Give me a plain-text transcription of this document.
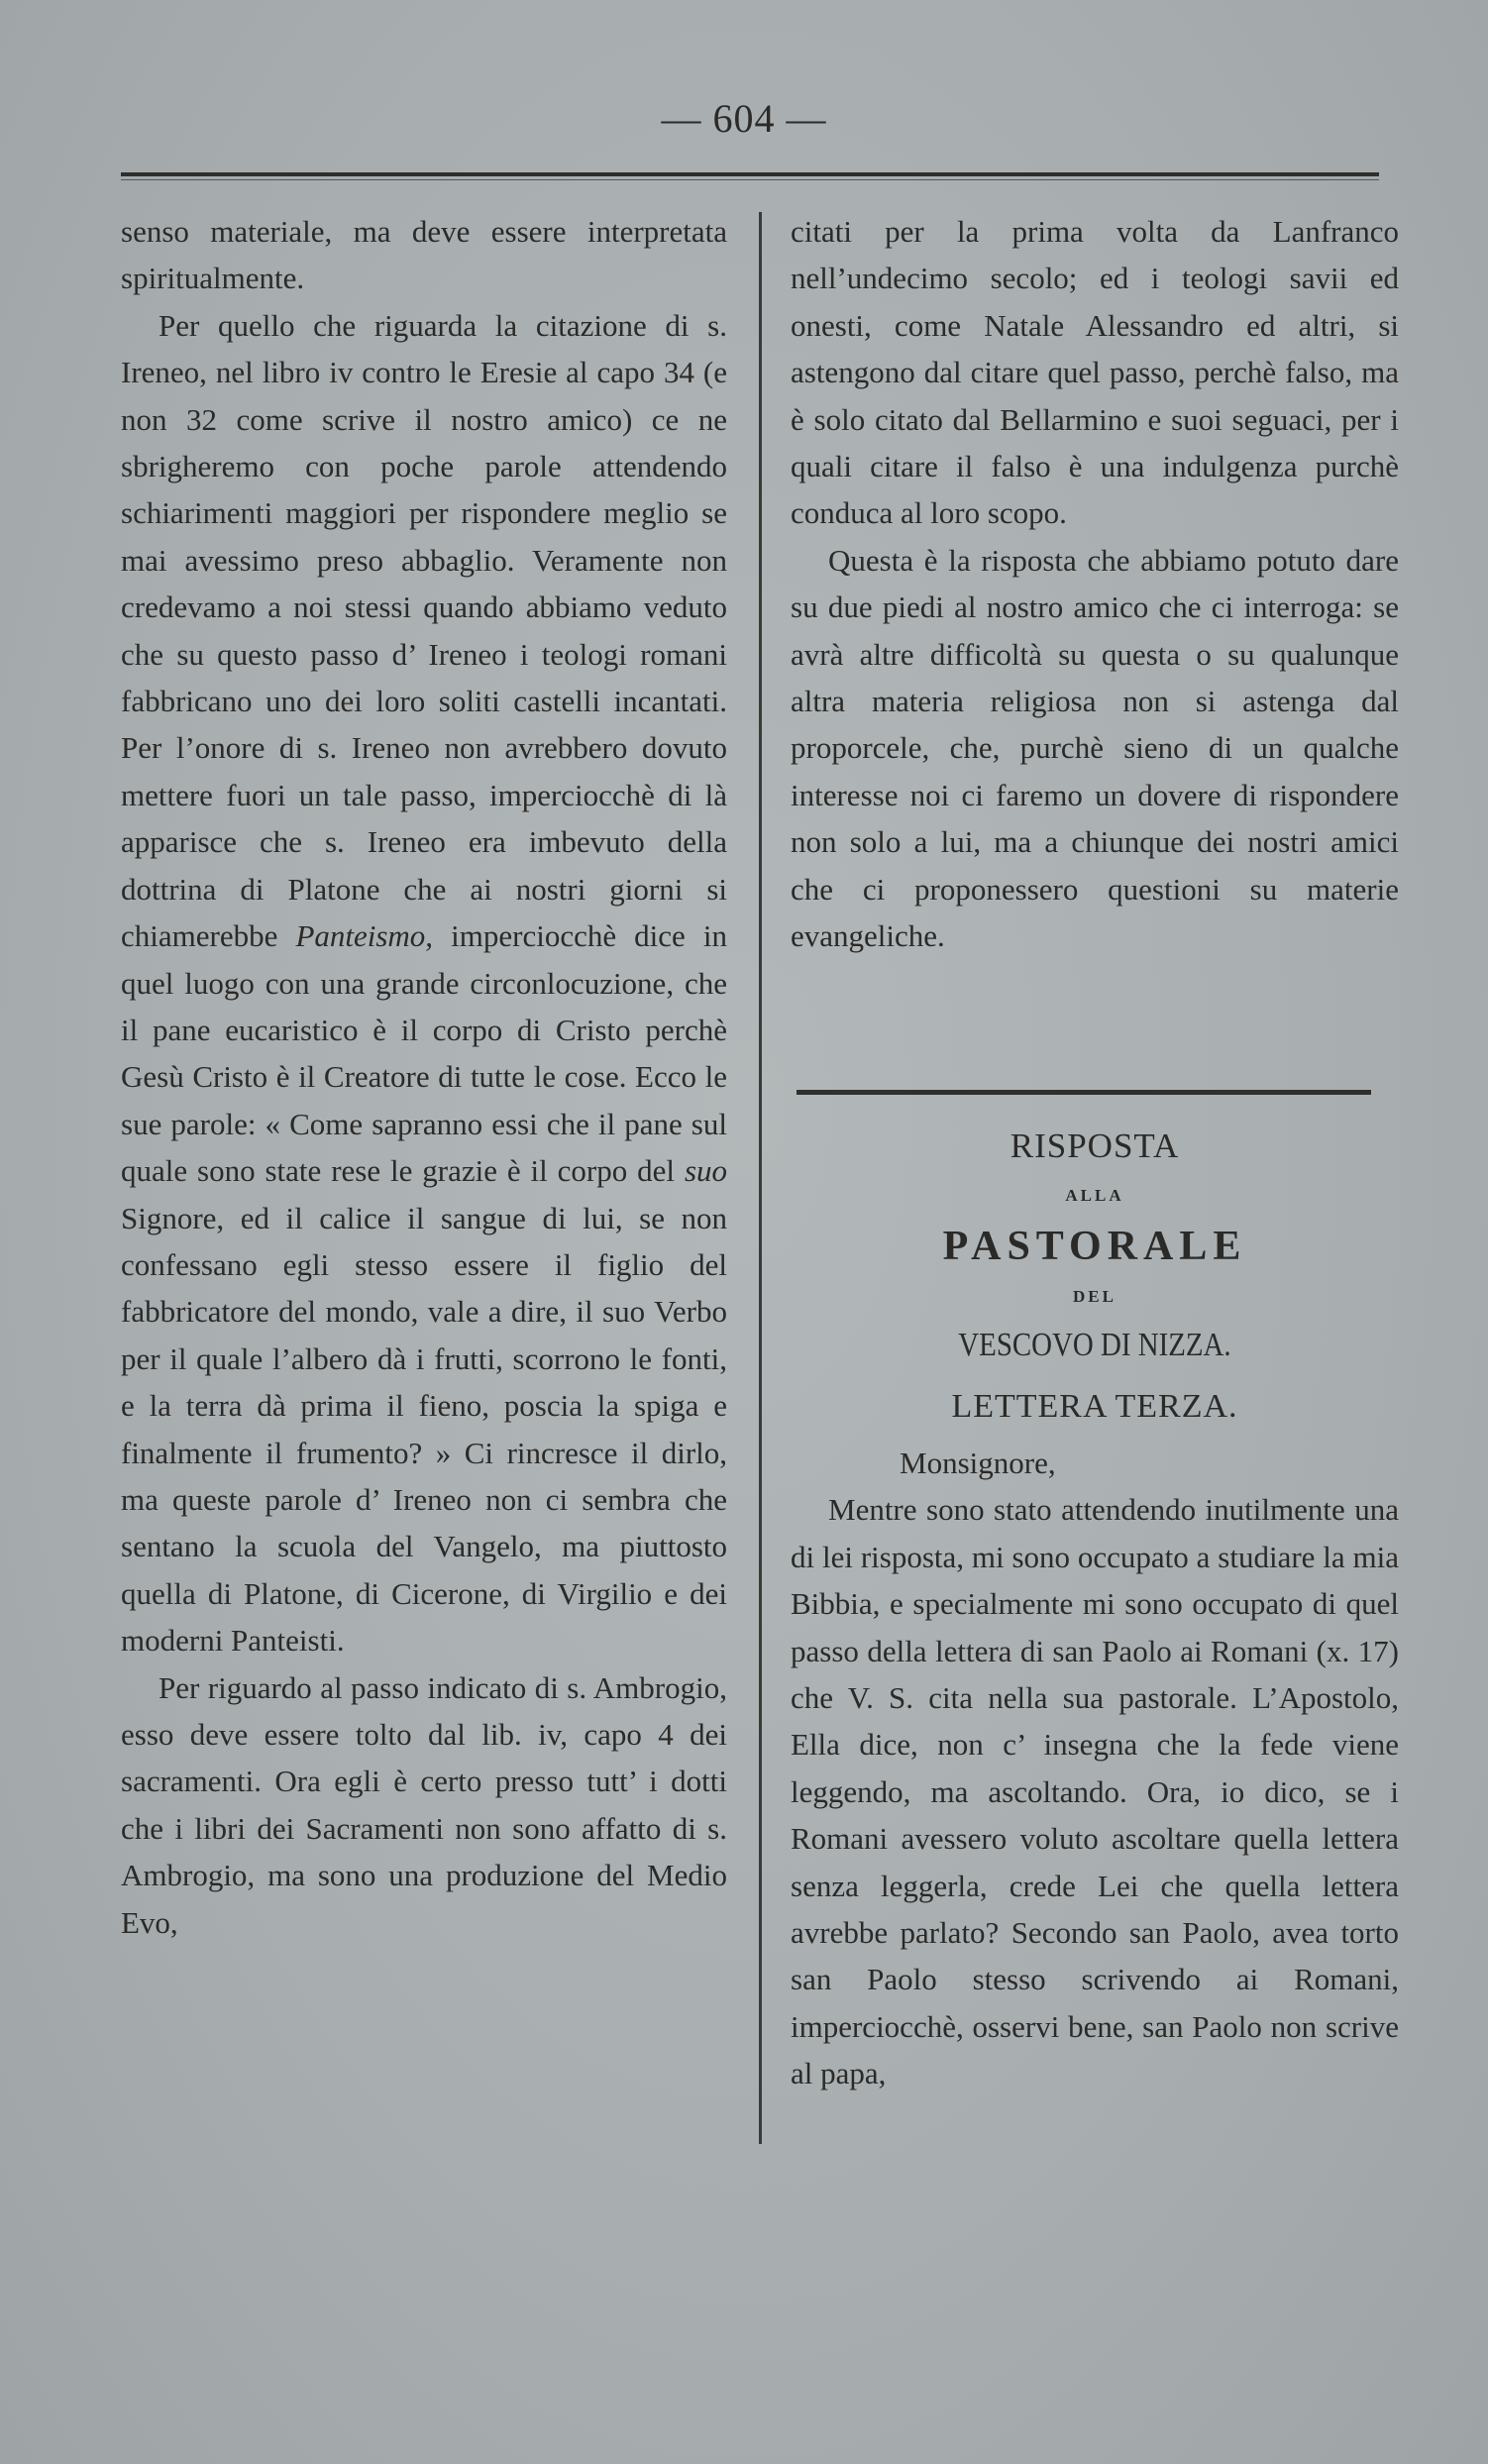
— 604 —

senso materiale, ma deve essere interpretata spiritualmente.

Per quello che riguarda la citazione di s. Ireneo, nel libro iv contro le Eresie al capo 34 (e non 32 come scrive il nostro amico) ce ne sbrigheremo con poche parole attendendo schiarimenti maggiori per rispondere meglio se mai avessimo preso abbaglio. Veramente non credevamo a noi stessi quando abbiamo veduto che su questo passo d’ Ireneo i teologi romani fabbricano uno dei loro soliti castelli incantati. Per l’onore di s. Ireneo non avrebbero dovuto mettere fuori un tale passo, imperciocchè di là apparisce che s. Ireneo era imbevuto della dottrina di Platone che ai nostri giorni si chiamerebbe Panteismo, imperciocchè dice in quel luogo con una grande circonlocuzione, che il pane eucaristico è il corpo di Cristo perchè Gesù Cristo è il Creatore di tutte le cose. Ecco le sue parole: « Come sapranno essi che il pane sul quale sono state rese le grazie è il corpo del suo Signore, ed il calice il sangue di lui, se non confessano egli stesso essere il figlio del fabbricatore del mondo, vale a dire, il suo Verbo per il quale l’albero dà i frutti, scorrono le fonti, e la terra dà prima il fieno, poscia la spiga e finalmente il frumento? » Ci rincresce il dirlo, ma queste parole d’ Ireneo non ci sembra che sentano la scuola del Vangelo, ma piuttosto quella di Platone, di Cicerone, di Virgilio e dei moderni Panteisti.

Per riguardo al passo indicato di s. Ambrogio, esso deve essere tolto dal lib. iv, capo 4 dei sacramenti. Ora egli è certo presso tutt’ i dotti che i libri dei Sacramenti non sono affatto di s. Ambrogio, ma sono una produzione del Medio Evo,

citati per la prima volta da Lanfranco nell’undecimo secolo; ed i teologi savii ed onesti, come Natale Alessandro ed altri, si astengono dal citare quel passo, perchè falso, ma è solo citato dal Bellarmino e suoi seguaci, per i quali citare il falso è una indulgenza purchè conduca al loro scopo.

Questa è la risposta che abbiamo potuto dare su due piedi al nostro amico che ci interroga: se avrà altre difficoltà su questa o su qualunque altra materia religiosa non si astenga dal proporcele, che, purchè sieno di un qualche interesse noi ci faremo un dovere di rispondere non solo a lui, ma a chiunque dei nostri amici che ci proponessero questioni su materie evangeliche.

RISPOSTA
ALLA
PASTORALE
DEL
VESCOVO DI NIZZA.
LETTERA TERZA.

Monsignore,

Mentre sono stato attendendo inutilmente una di lei risposta, mi sono occupato a studiare la mia Bibbia, e specialmente mi sono occupato di quel passo della lettera di san Paolo ai Romani (x. 17) che V. S. cita nella sua pastorale. L’Apostolo, Ella dice, non c’ insegna che la fede viene leggendo, ma ascoltando. Ora, io dico, se i Romani avessero voluto ascoltare quella lettera senza leggerla, crede Lei che quella lettera avrebbe parlato? Secondo san Paolo, avea torto san Paolo stesso scrivendo ai Romani, imperciocchè, osservi bene, san Paolo non scrive al papa,
